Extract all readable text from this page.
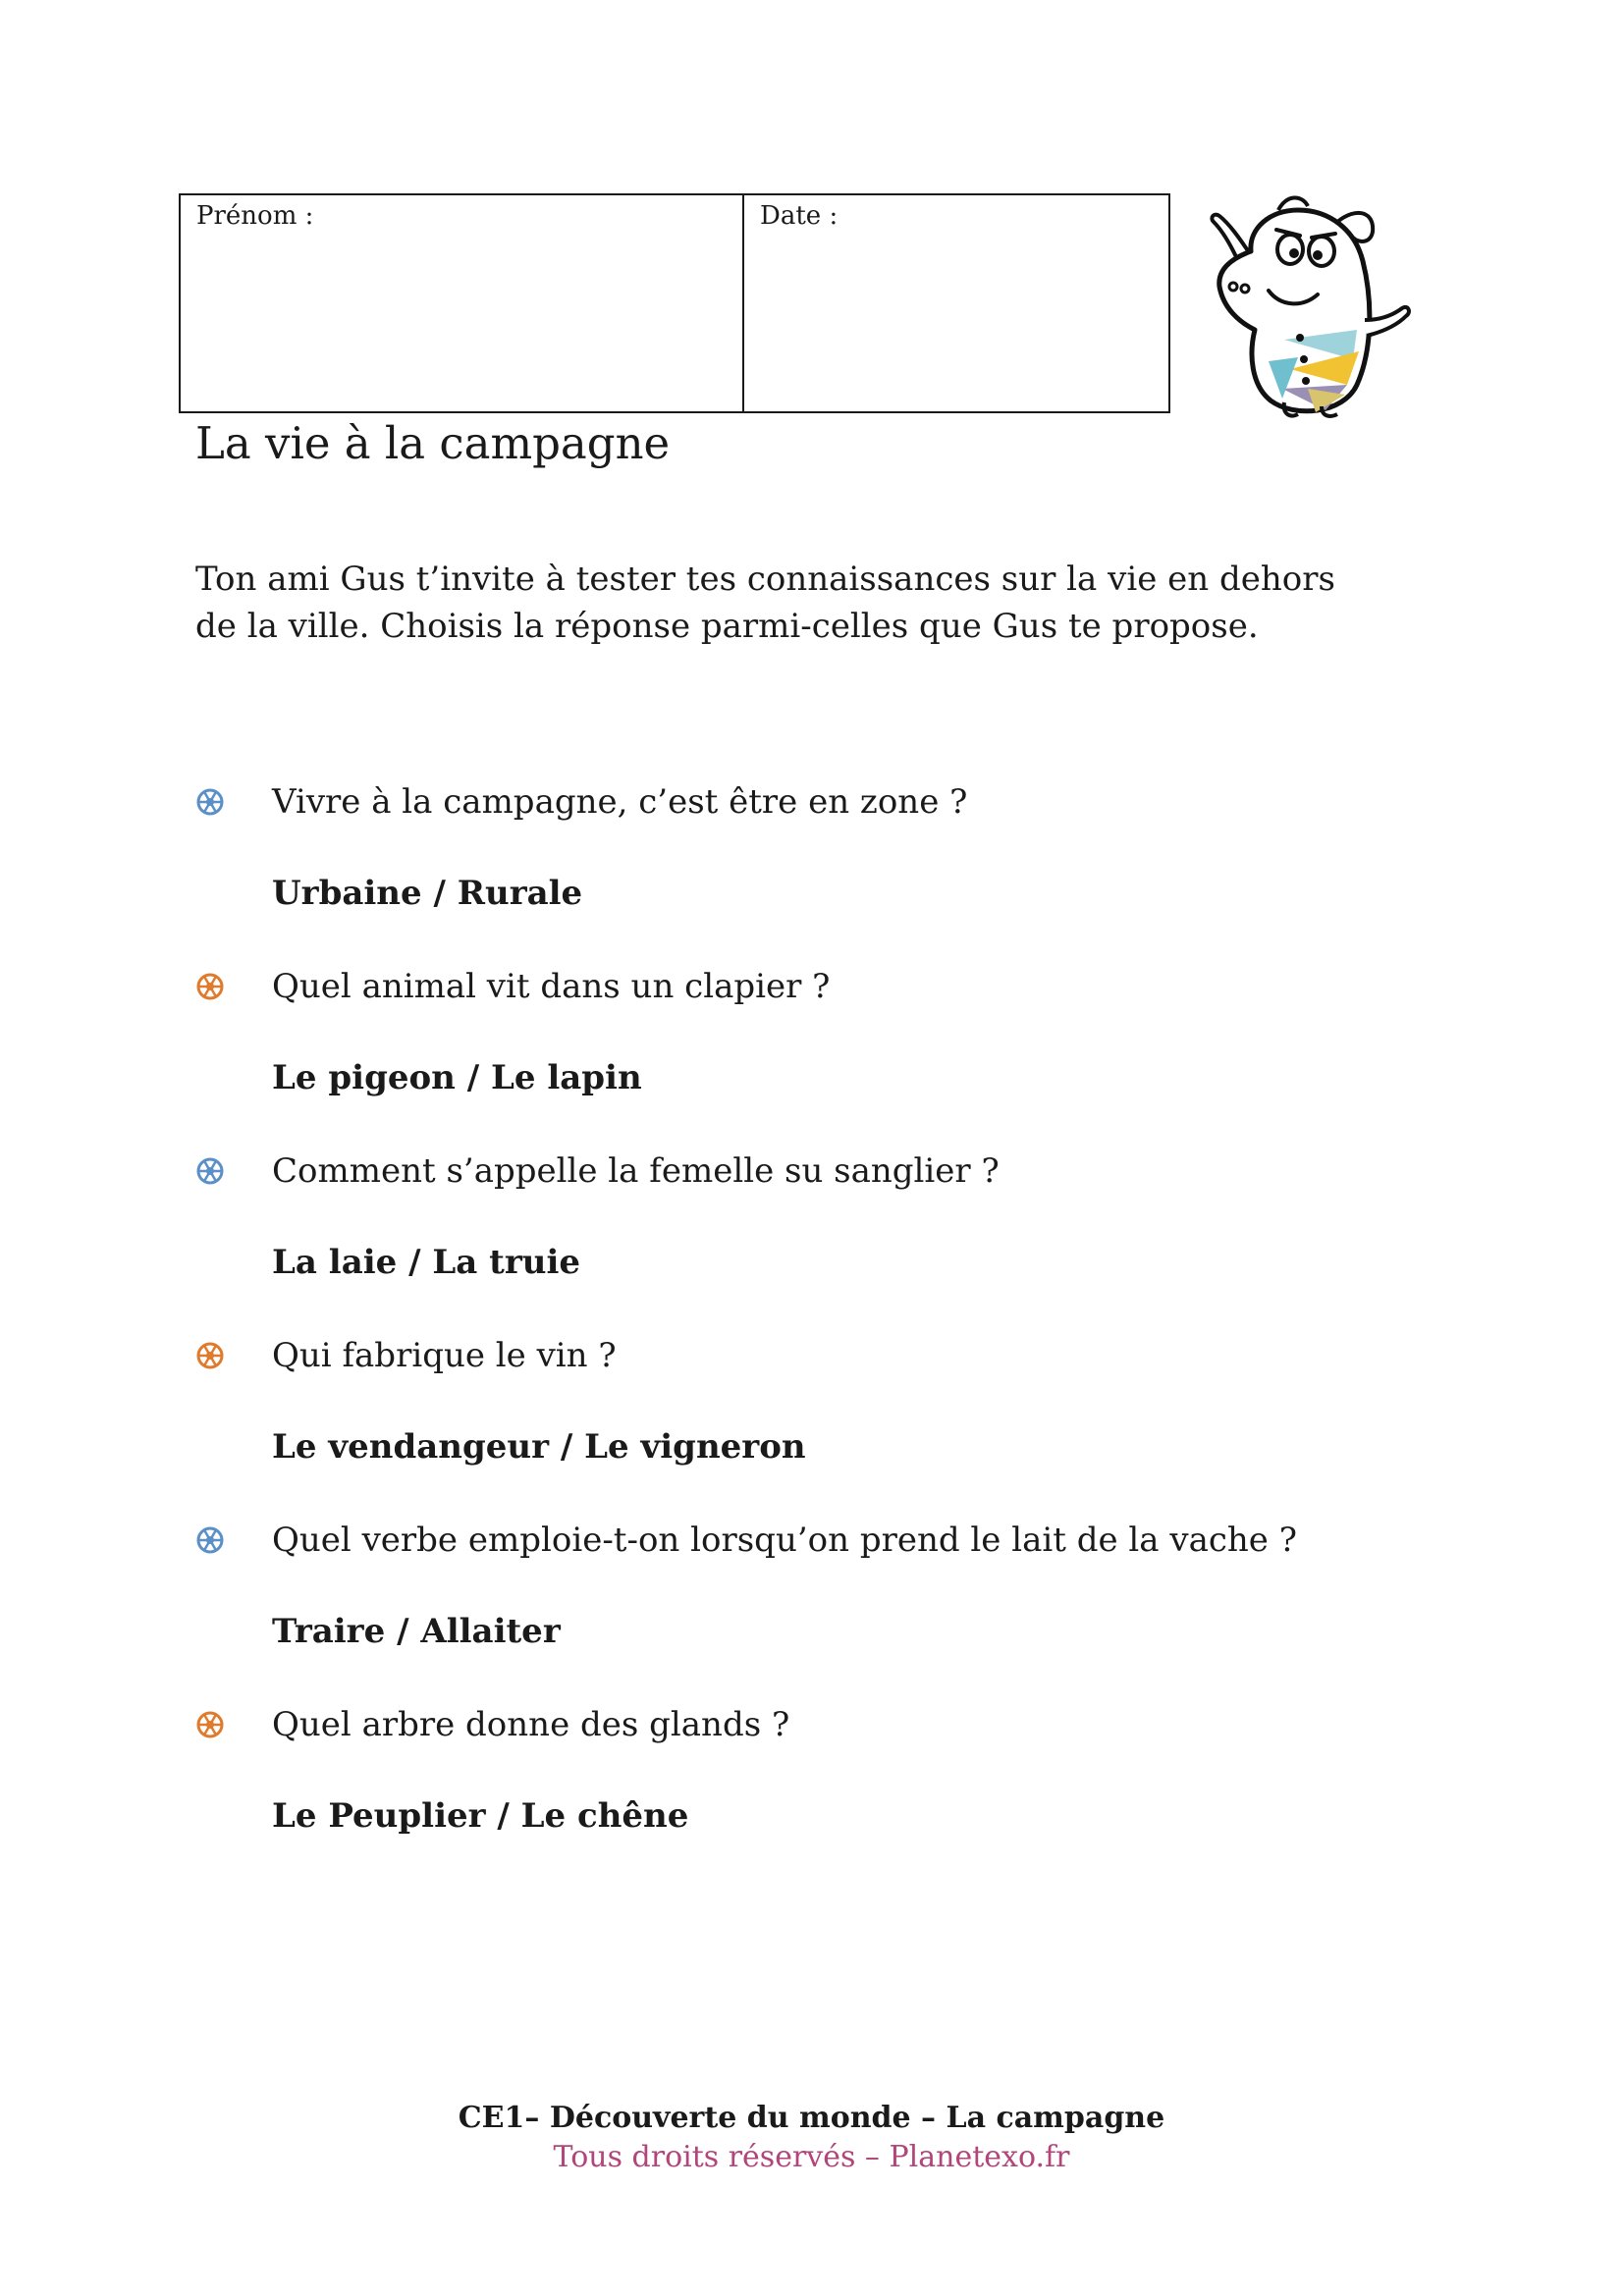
Prénom :	Date :
La vie à la campagne
Ton ami Gus t’invite à tester tes connaissances sur la vie en dehors
de la ville. Choisis la réponse parmi-celles que Gus te propose.
Vivre à la campagne, c’est être en zone ?
Urbaine / Rurale
Quel animal vit dans un clapier ?
Le pigeon / Le lapin
Comment s’appelle la femelle su sanglier ?
La laie / La truie
Qui fabrique le vin ?
Le vendangeur / Le vigneron
Quel verbe emploie-t-on lorsqu’on prend le lait de la vache ?
Traire / Allaiter
Quel arbre donne des glands ?
Le Peuplier / Le chêne
CE1– Découverte du monde – La campagne
Tous droits réservés – Planetexo.fr
